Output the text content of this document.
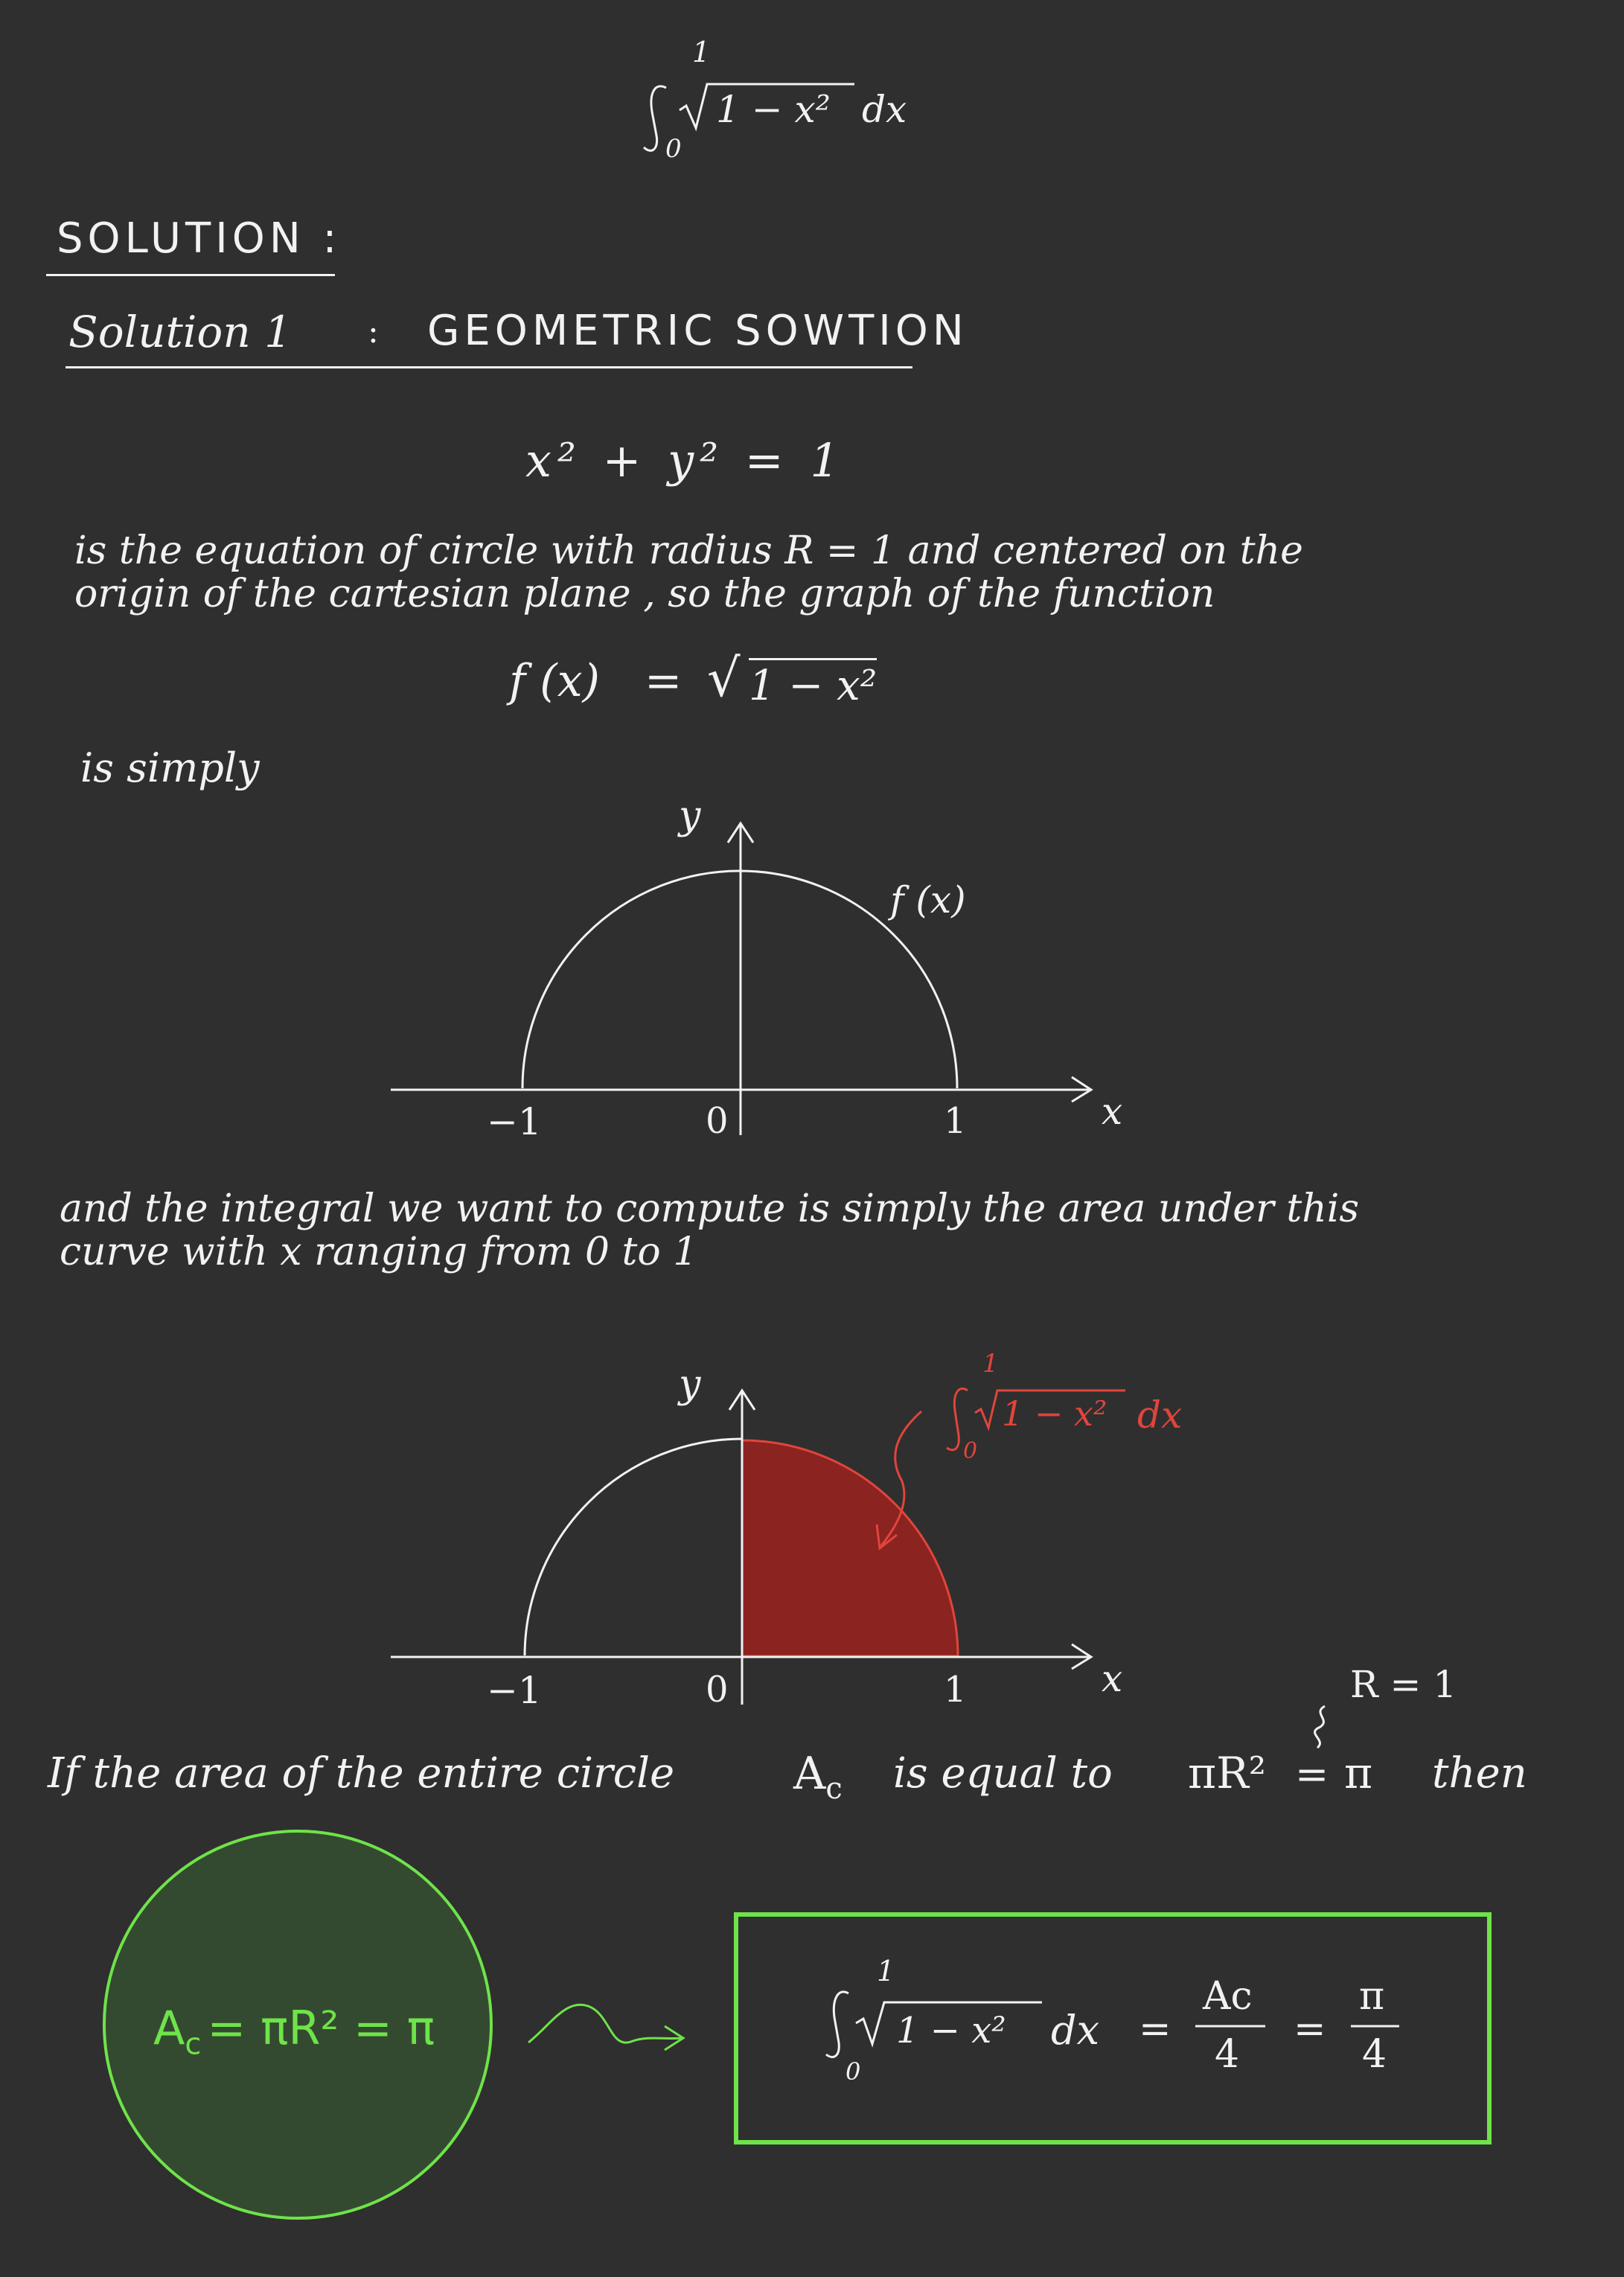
1
0
1 − x² dx
SOLUTION :
Solution 1 : GEOMETRIC SOWTION
x² + y² = 1
is the equation of circle with radius R = 1 and centered on the
origin of the cartesian plane , so the graph of the function
f (x) = √ 1 − x²
is simply
y
f (x)
x
−1	0	1
and the integral we want to compute is simply the area under this
curve with x ranging from 0 to 1
y	1
0
1 − x² dx
x
−1	0	1	R = 1
If the area of the entire circle	$A_c$ is equal to πR² = π then
$A_c = \pi R^2 = \pi$
1
0
1 − x² dx =
Ac
4
=
π
4
